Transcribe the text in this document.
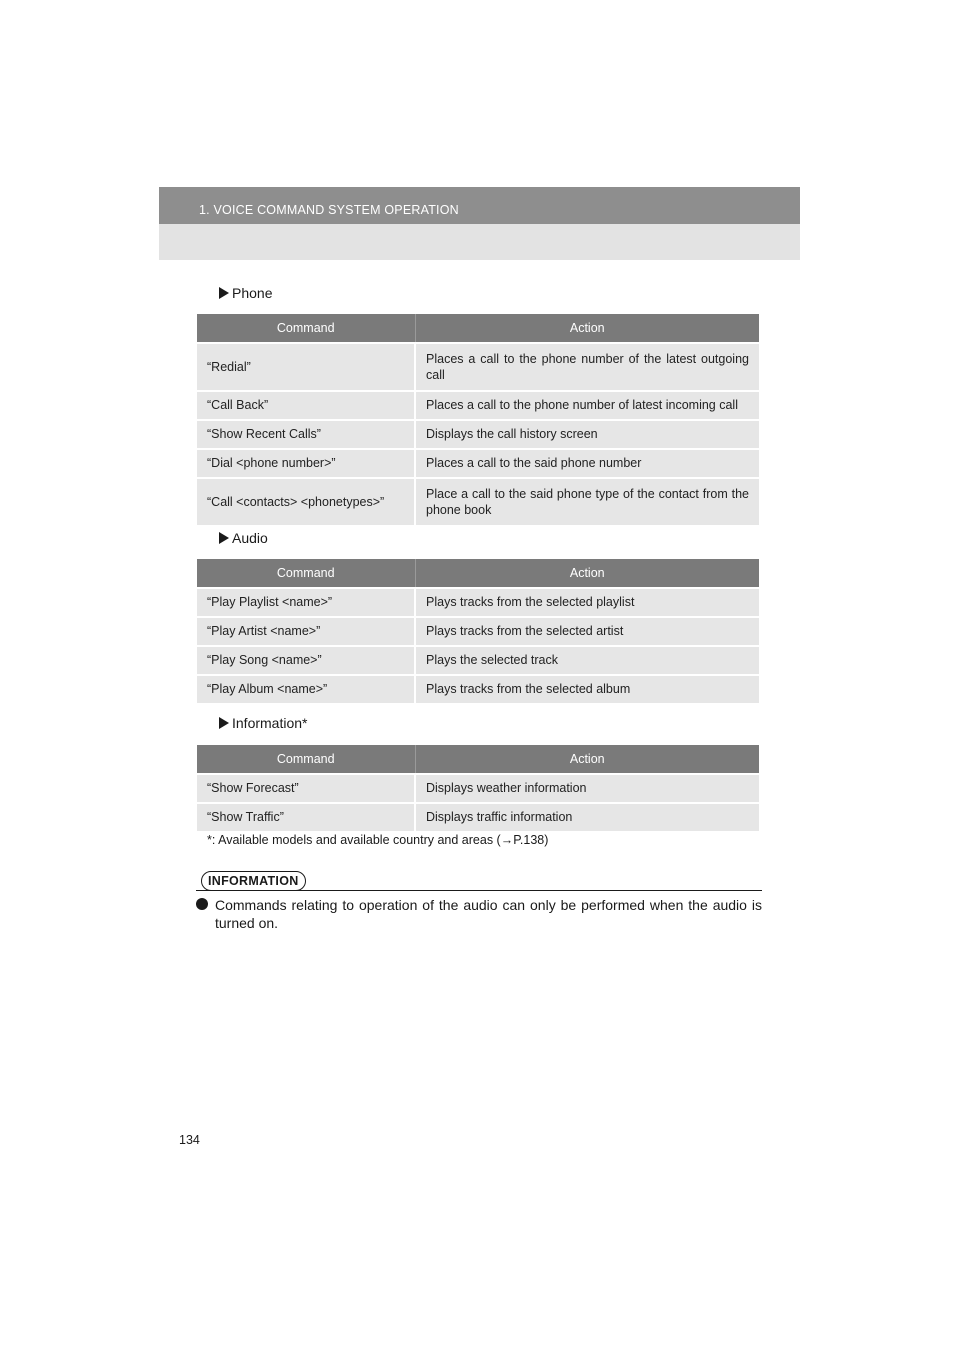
1. VOICE COMMAND SYSTEM OPERATION
Phone
Command	Action
“Redial”	Places a call to the phone number of the latest outgoing call
“Call Back”	Places a call to the phone number of latest incoming call
“Show Recent Calls”	Displays the call history screen
“Dial <phone number>”	Places a call to the said phone number
“Call <contacts> <phonetypes>”	Place a call to the said phone type of the contact from the phone book
Audio
Command	Action
“Play Playlist <name>”	Plays tracks from the selected playlist
“Play Artist <name>”	Plays tracks from the selected artist
“Play Song <name>”	Plays the selected track
“Play Album <name>”	Plays tracks from the selected album
Information*
Command	Action
“Show Forecast”	Displays weather information
“Show Traffic”	Displays traffic information
*: Available models and available country and areas (→P.138)
INFORMATION
Commands relating to operation of the audio can only be performed when the audio is turned on.
134
